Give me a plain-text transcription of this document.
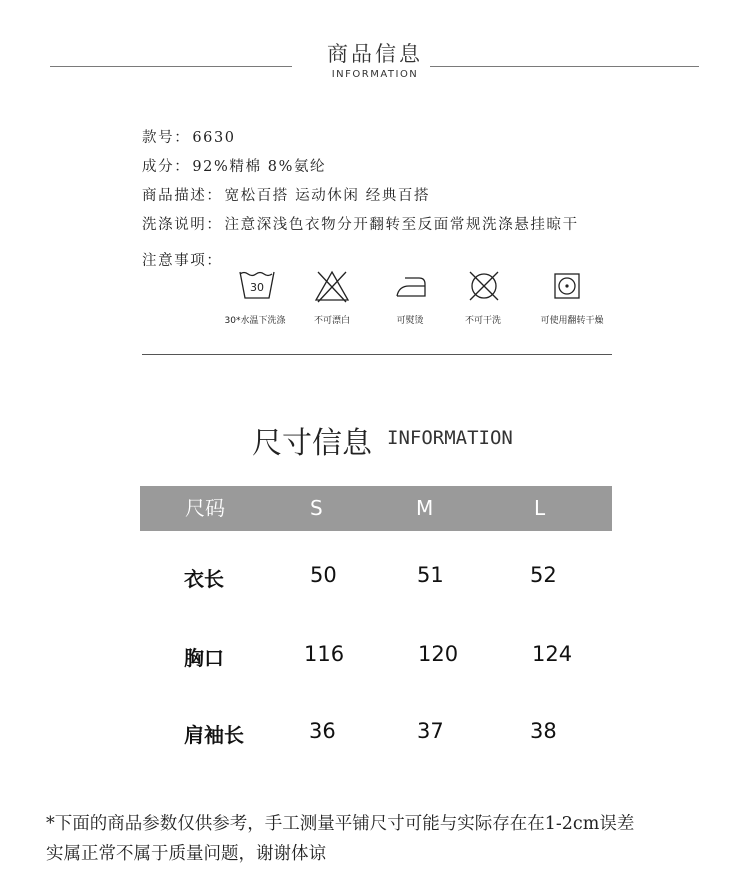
商品信息
INFORMATION
款号： 6630
成分： 92%精棉 8%氨纶
商品描述： 宽松百搭 运动休闲 经典百搭
洗涤说明： 注意深浅色衣物分开翻转至反面常规洗涤悬挂晾干
注意事项：
30
30*水温下洗涤	不可漂白	可熨烫	不可干洗	可使用翻转干燥
尺寸信息 INFORMATION
尺码	S	M	L
衣长	50	51	52
胸口	116	120	124
肩袖长	36	37	38
*下面的商品参数仅供参考，手工测量平铺尺寸可能与实际存在在1-2cm误差
实属正常不属于质量问题，谢谢体谅
